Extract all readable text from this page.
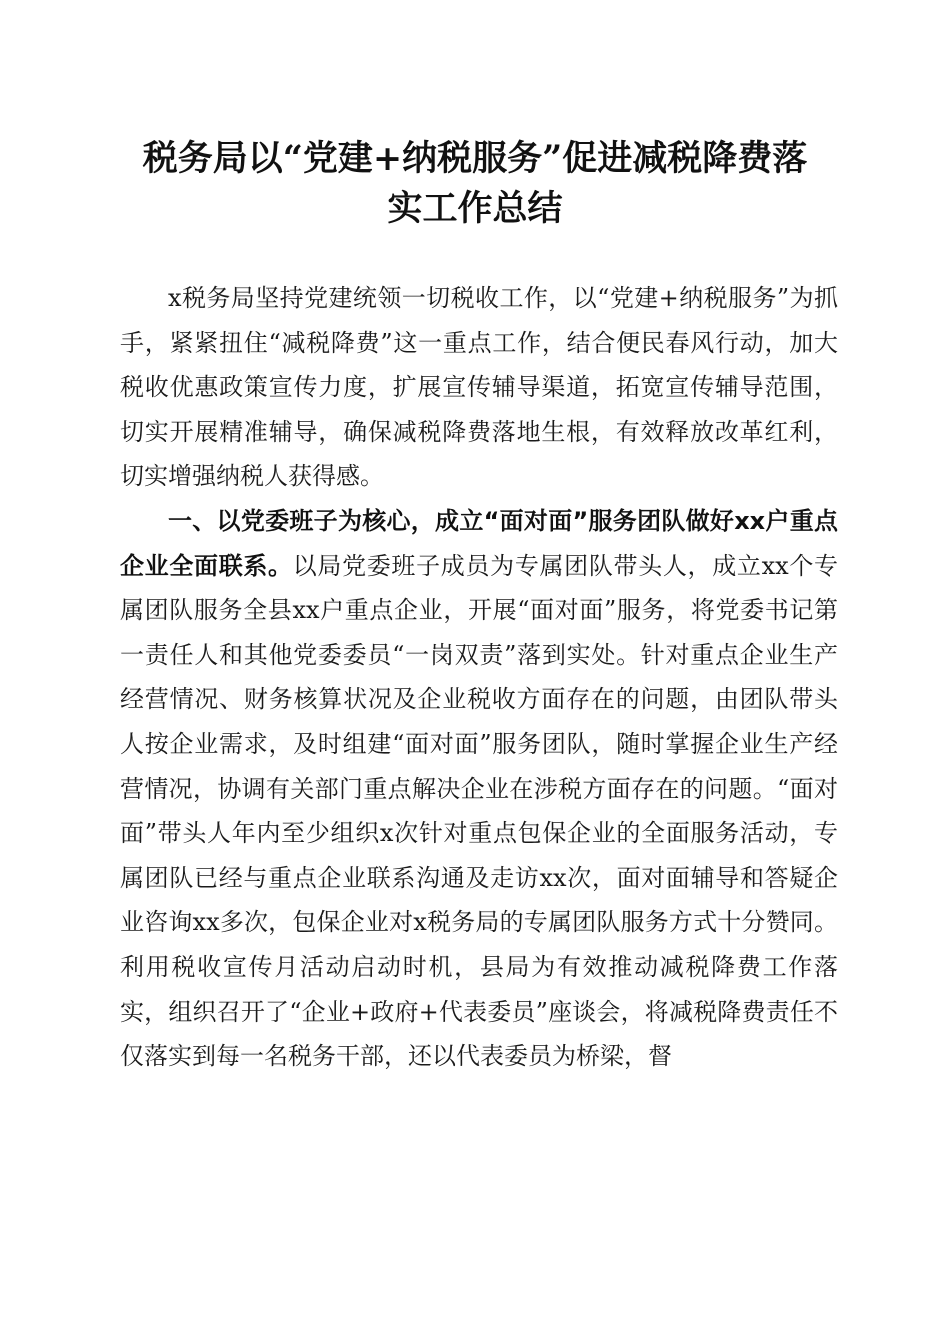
税务局以“党建+纳税服务”促进减税降费落
实工作总结

x税务局坚持党建统领一切税收工作，以“党建+纳税服务”为抓手，紧紧扭住“减税降费”这一重点工作，结合便民春风行动，加大税收优惠政策宣传力度，扩展宣传辅导渠道，拓宽宣传辅导范围，切实开展精准辅导，确保减税降费落地生根，有效释放改革红利，切实增强纳税人获得感。

一、以党委班子为核心，成立“面对面”服务团队做好xx户重点企业全面联系。以局党委班子成员为专属团队带头人，成立xx个专属团队服务全县xx户重点企业，开展“面对面”服务，将党委书记第一责任人和其他党委委员“一岗双责”落到实处。针对重点企业生产经营情况、财务核算状况及企业税收方面存在的问题，由团队带头人按企业需求，及时组建“面对面”服务团队，随时掌握企业生产经营情况，协调有关部门重点解决企业在涉税方面存在的问题。“面对面”带头人年内至少组织x次针对重点包保企业的全面服务活动，专属团队已经与重点企业联系沟通及走访xx次，面对面辅导和答疑企业咨询xx多次，包保企业对x税务局的专属团队服务方式十分赞同。利用税收宣传月活动启动时机，县局为有效推动减税降费工作落实，组织召开了“企业+政府+代表委员”座谈会，将减税降费责任不仅落实到每一名税务干部，还以代表委员为桥梁，督
